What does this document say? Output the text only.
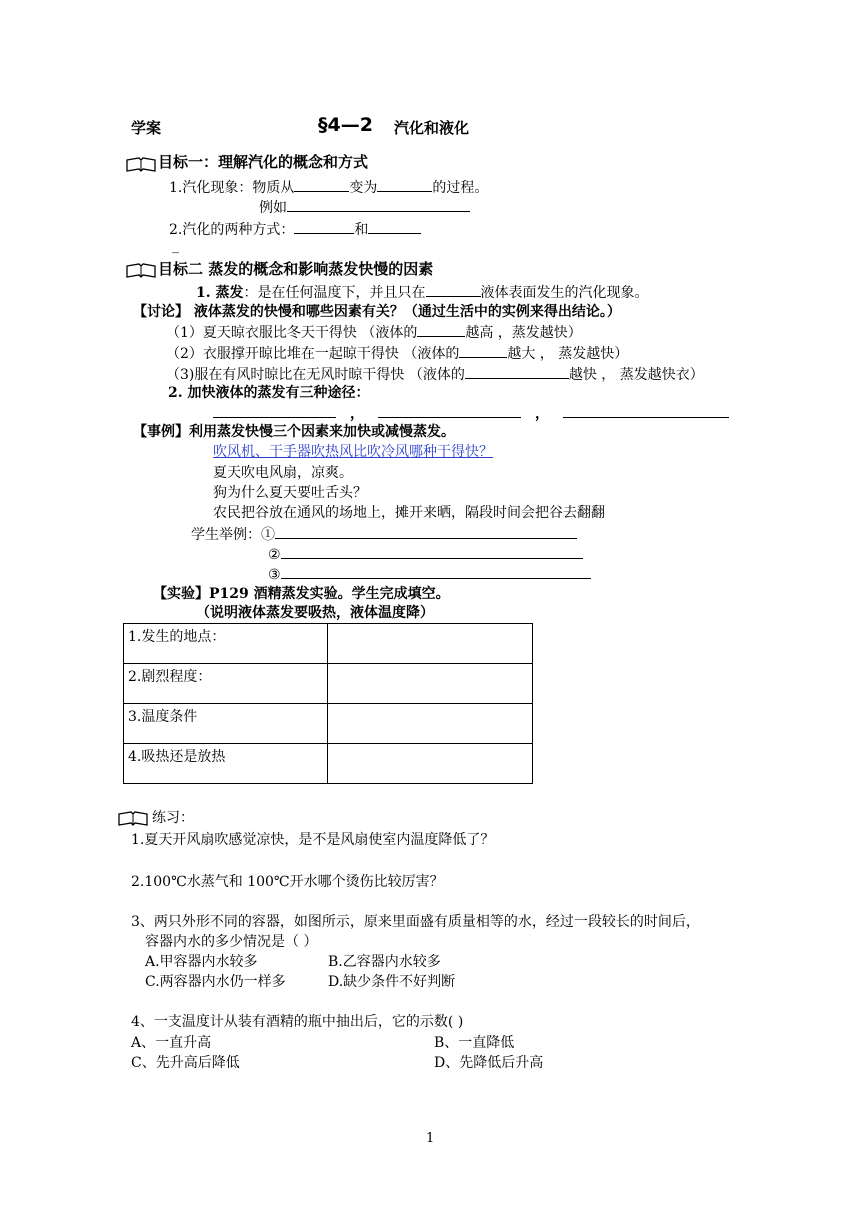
学案	§4—2 汽化和液化
目标一：理解汽化的概念和方式
1.汽化现象：物质从	变为	的过程。
例如
2.汽化的两种方式：	和
_
目标二 蒸发的概念和影响蒸发快慢的因素
1. 蒸发：是在任何温度下，并且只在	液体表面发生的汽化现象。
【讨论】 液体蒸发的快慢和哪些因素有关？（通过生活中的实例来得出结论。）
（1）夏天晾衣服比冬天干得快 （液体的	越高 ，蒸发越快）
（2）衣服撑开晾比堆在一起晾干得快 （液体的	越大 ， 蒸发越快）
（3)服在有风时晾比在无风时晾干得快 （液体的	越快 ， 蒸发越快衣）
2. 加快液体的蒸发有三种途径：
，	，
【事例】利用蒸发快慢三个因素来加快或减慢蒸发。
吹风机、干手器吹热风比吹冷风哪种干得快？
夏天吹电风扇，凉爽。
狗为什么夏天要吐舌头？
农民把谷放在通风的场地上，摊开来晒，隔段时间会把谷去翻翻
学生举例：①
②
③
【实验】P129 酒精蒸发实验。学生完成填空。
（说明液体蒸发要吸热，液体温度降）
1.发生的地点：	
2.剧烈程度：	
3.温度条件	
4.吸热还是放热	
练习：
1.夏天开风扇吹感觉凉快，是不是风扇使室内温度降低了？
2.100℃水蒸气和 100℃开水哪个烫伤比较厉害？
3、两只外形不同的容器，如图所示，原来里面盛有质量相等的水，经过一段较长的时间后，
容器内水的多少情况是（ ）
A.甲容器内水较多	B.乙容器内水较多
C.两容器内水仍一样多	D.缺少条件不好判断
4、一支温度计从装有酒精的瓶中抽出后，它的示数( )
A、一直升高	B、一直降低
C、先升高后降低	D、先降低后升高
1
